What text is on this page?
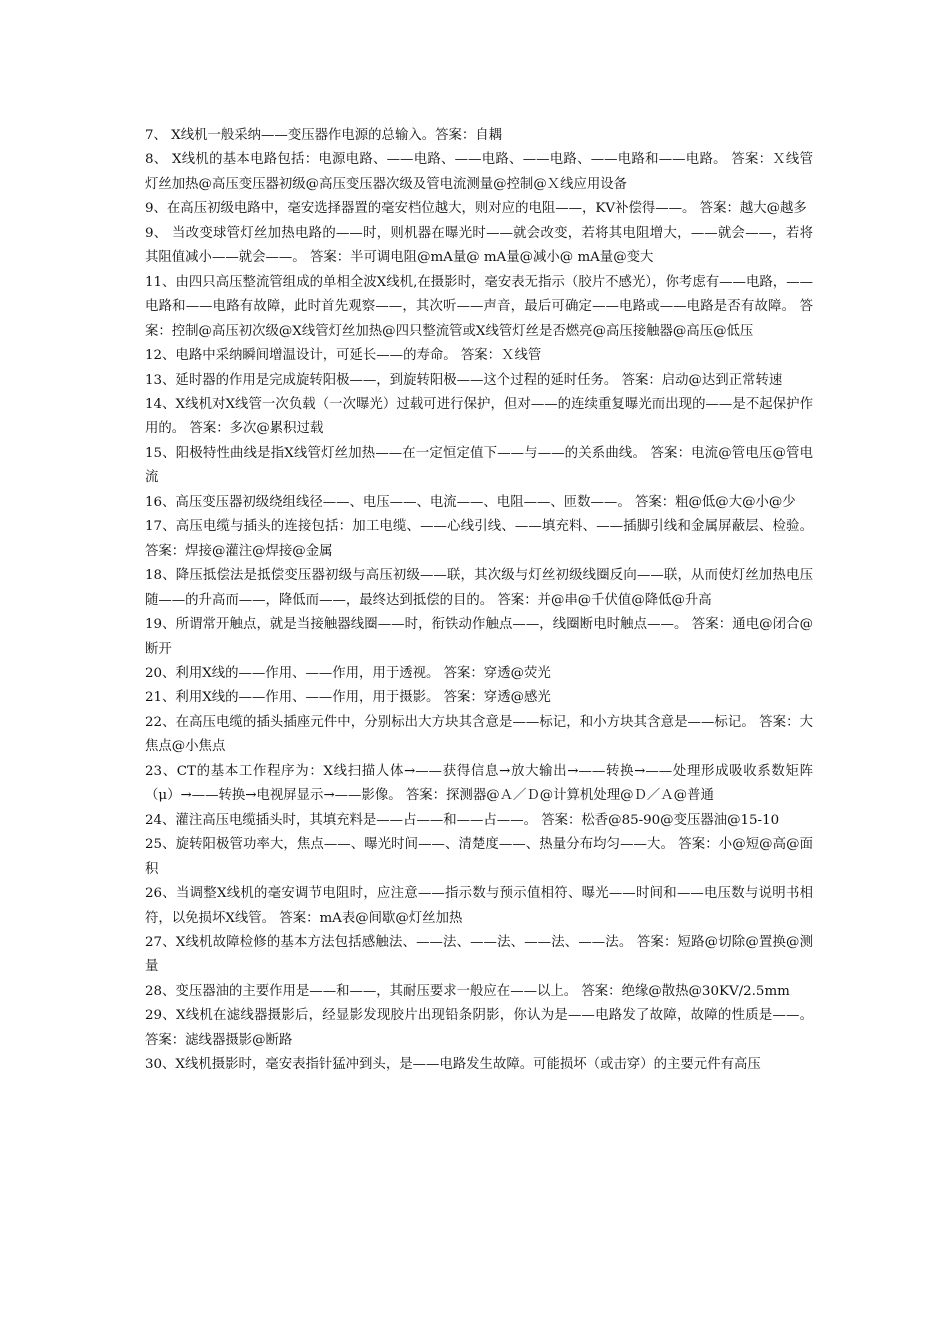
7、 X线机一般采纳——变压器作电源的总输入。答案：自耦

8、 X线机的基本电路包括：电源电路、——电路、——电路、——电路、——电路和——电路。 答案：Ｘ线管灯丝加热@高压变压器初级@高压变压器次级及管电流测量@控制@Ｘ线应用设备

9、在高压初级电路中，毫安选择器置的毫安档位越大，则对应的电阻——，KV补偿得——。 答案：越大@越多

9、 当改变球管灯丝加热电路的——时，则机器在曝光时——就会改变，若将其电阻增大，——就会——，若将其阻值减小——就会——。 答案：半可调电阻@mA量@ mA量@减小@ mA量@变大

11、由四只高压整流管组成的单相全波X线机,在摄影时，毫安表无指示（胶片不感光），你考虑有——电路，——电路和——电路有故障，此时首先观察——，其次听——声音，最后可确定——电路或——电路是否有故障。 答案：控制@高压初次级@X线管灯丝加热@四只整流管或X线管灯丝是否燃亮@高压接触器@高压@低压

12、电路中采纳瞬间增温设计，可延长——的寿命。 答案：Ｘ线管

13、延时器的作用是完成旋转阳极——，到旋转阳极——这个过程的延时任务。 答案：启动@达到正常转速

14、X线机对X线管一次负载（一次曝光）过载可进行保护，但对——的连续重复曝光而出现的——是不起保护作用的。 答案：多次@累积过载

15、阳极特性曲线是指X线管灯丝加热——在一定恒定值下——与——的关系曲线。 答案：电流@管电压@管电流

16、高压变压器初级绕组线径——、电压——、电流——、电阻——、匝数——。 答案：粗@低@大@小@少

17、高压电缆与插头的连接包括：加工电缆、——心线引线、——填充料、——插脚引线和金属屏蔽层、检验。 答案：焊接@灌注@焊接@金属

18、降压抵偿法是抵偿变压器初级与高压初级——联，其次级与灯丝初级线圈反向——联，从而使灯丝加热电压随——的升高而——，降低而——，最终达到抵偿的目的。 答案：并@串@千伏值@降低@升高

19、所谓常开触点，就是当接触器线圈——时，衔铁动作触点——，线圈断电时触点——。 答案：通电@闭合@断开

20、利用X线的——作用、——作用，用于透视。 答案：穿透@荧光

21、利用X线的——作用、——作用，用于摄影。 答案：穿透@感光

22、在高压电缆的插头插座元件中，分别标出大方块其含意是——标记，和小方块其含意是——标记。 答案：大焦点@小焦点

23、CT的基本工作程序为：X线扫描人体→——获得信息→放大输出→——转换→——处理形成吸收系数矩阵（μ）→——转换→电视屏显示→——影像。 答案：探测器@Ａ／Ｄ@计算机处理@Ｄ／Ａ@普通

24、灌注高压电缆插头时，其填充料是——占——和——占——。 答案：松香@85-90@变压器油@15-10

25、旋转阳极管功率大，焦点——、曝光时间——、清楚度——、热量分布均匀——大。 答案：小@短@高@面积

26、当调整X线机的毫安调节电阻时，应注意——指示数与预示值相符、曝光——时间和——电压数与说明书相符，以免损坏X线管。 答案：mA表@间歇@灯丝加热

27、X线机故障检修的基本方法包括感触法、——法、——法、——法、——法。 答案：短路@切除@置换@测量

28、变压器油的主要作用是——和——，其耐压要求一般应在——以上。 答案：绝缘@散热@30KV/2.5mm

29、X线机在滤线器摄影后，经显影发现胶片出现铅条阴影，你认为是——电路发了故障，故障的性质是——。 答案：滤线器摄影@断路

30、X线机摄影时，毫安表指针猛冲到头，是——电路发生故障。可能损坏（或击穿）的主要元件有高压
